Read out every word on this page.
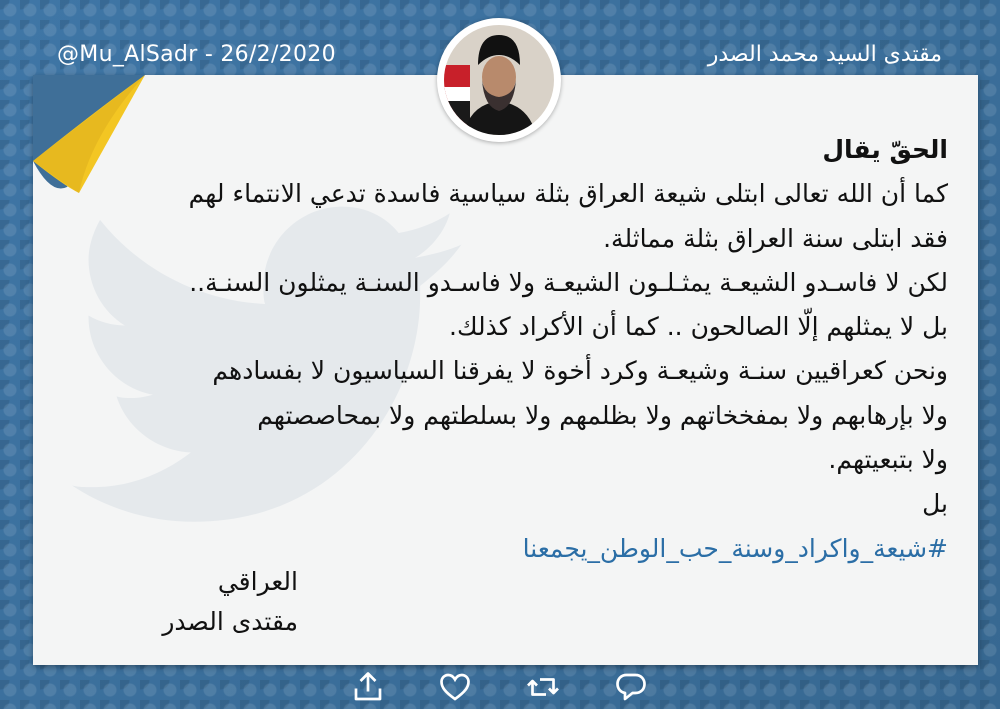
@Mu_AlSadr - 26/2/2020	مقتدى السيد محمد الصدر
الحقّ يقال
كما أن الله تعالى ابتلى شيعة العراق بثلة سياسية فاسدة تدعي الانتماء لهم
فقد ابتلى سنة العراق بثلة مماثلة.
لكن لا فاسـدو الشيعـة يمثـلـون الشيعـة ولا فاسـدو السنـة يمثلون السنـة..
بل لا يمثلهم إلّا الصالحون .. كما أن الأكراد كذلك.
ونحن كعراقيين سنـة وشيعـة وكرد أخوة لا يفرقنا السياسيون لا بفسادهم
ولا بإرهابهم ولا بمفخخاتهم ولا بظلمهم ولا بسلطتهم ولا بمحاصصتهم
ولا بتبعيتهم.
بل
#شيعة_واكراد_وسنة_حب_الوطن_يجمعنا
العراقي
مقتدى الصدر
